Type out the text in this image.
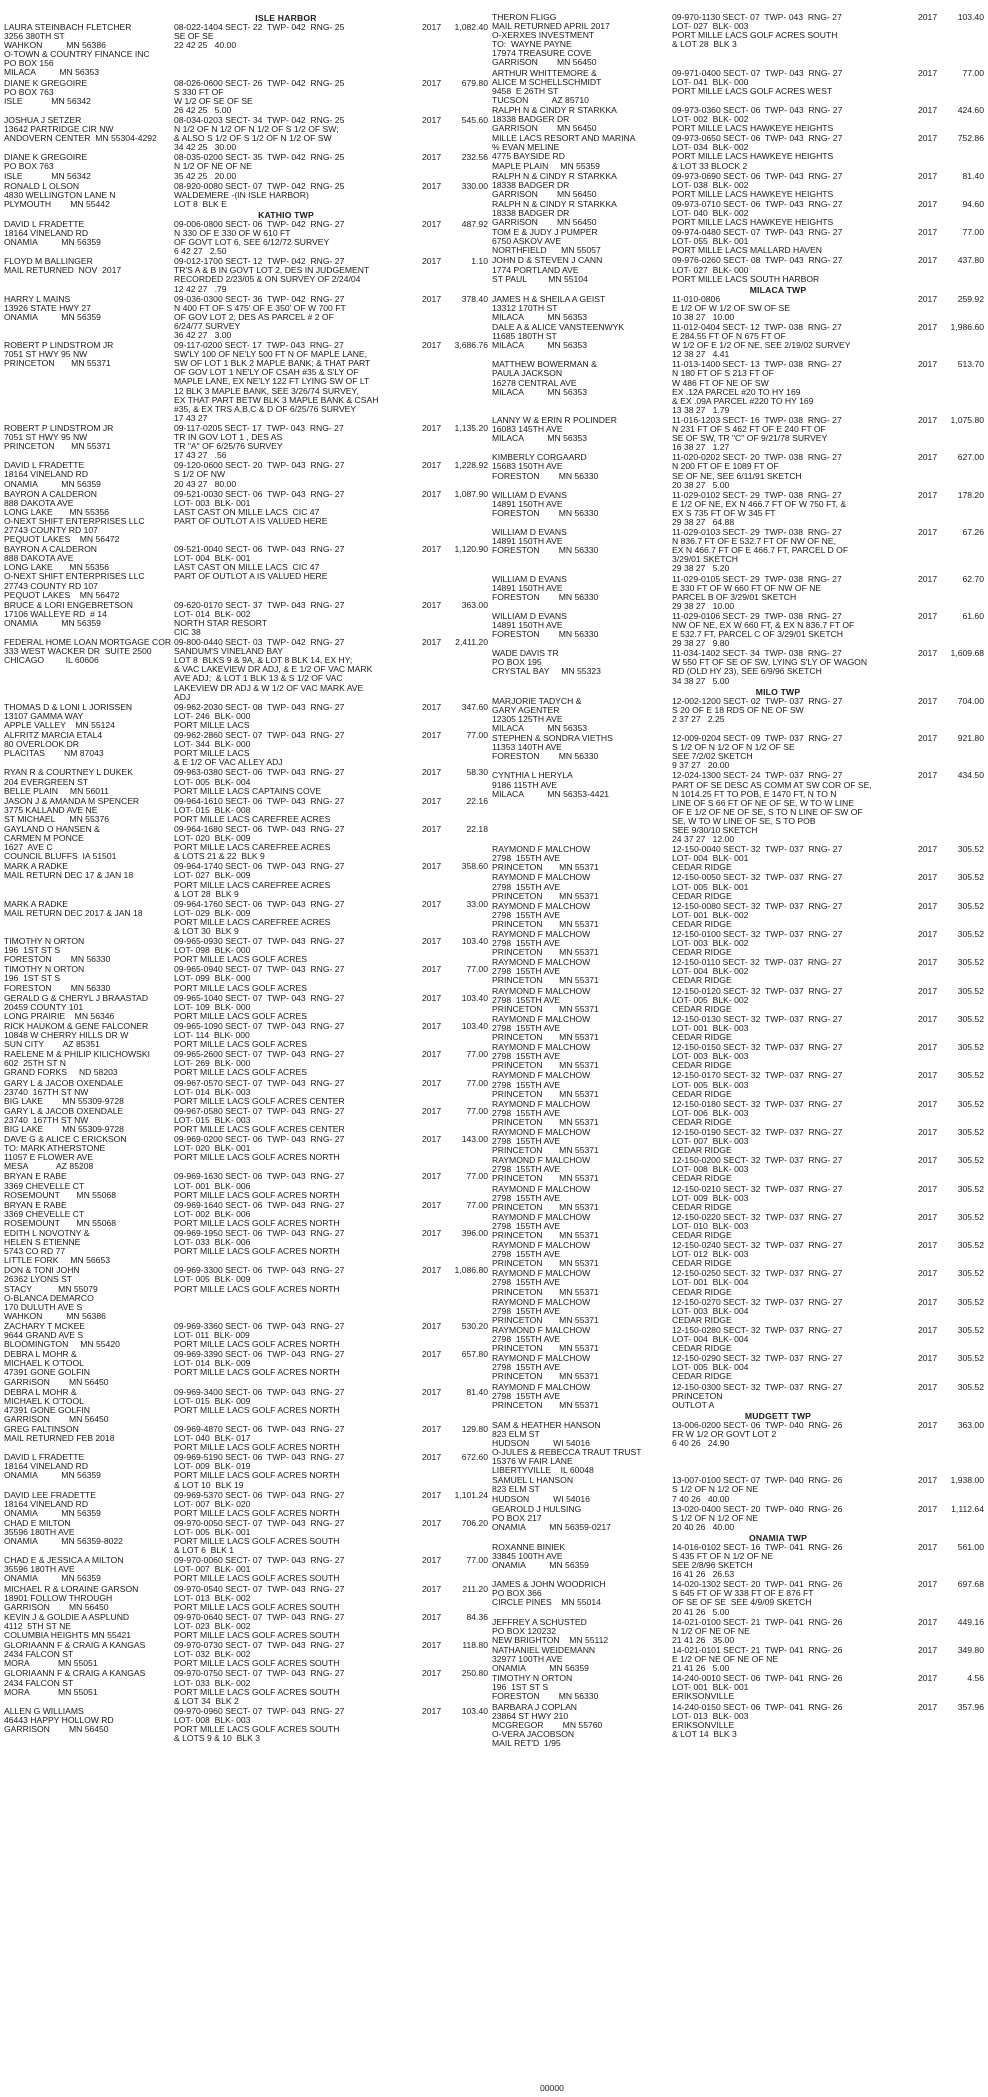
ISLE HARBOR
LAURA STEINBACH FLETCHER
3256 380TH ST
WAHKON          MN 56386
O-TOWN & COUNTRY FINANCE INC
PO BOX 156
MILACA          MN 56353
08-022-1404 SECT- 22  TWP- 042  RNG- 25
SE OF SE
22 42 25   40.00
2017	1,082.40
DIANE K GREGOIRE
PO BOX 763
ISLE            MN 56342
08-026-0600 SECT- 26  TWP- 042  RNG- 25
S 330 FT OF
W 1/2 OF SE OF SE
26 42 25   5.00
2017	679.80
JOSHUA J SETZER
13642 PARTRIDGE CIR NW
ANDOVERN CENTER  MN 55304-4292
08-034-0203 SECT- 34  TWP- 042  RNG- 25
N 1/2 OF N 1/2 OF N 1/2 OF S 1/2 OF SW;
& ALSO S 1/2 OF S 1/2 OF N 1/2 OF SW
34 42 25   30.00
2017	545.60
DIANE K GREGOIRE
PO BOX 763
ISLE            MN 56342
08-035-0200 SECT- 35  TWP- 042  RNG- 25
N 1/2 OF NE OF NE
35 42 25   20.00
2017	232.56
RONALD L OLSON
4830 WELLINGTON LANE N
PLYMOUTH        MN 55442
08-920-0080 SECT- 07  TWP- 042  RNG- 25
WALDEMERE -(IN ISLE HARBOR)
LOT 8  BLK E
2017	330.00
KATHIO TWP
DAVID L FRADETTE
18164 VINELAND RD
ONAMIA          MN 56359
09-006-0800 SECT- 06  TWP- 042  RNG- 27
N 330 OF E 330 OF W 610 FT
OF GOVT LOT 6, SEE 6/12/72 SURVEY
6 42 27   2.50
2017	487.92
FLOYD M BALLINGER
MAIL RETURNED  NOV  2017
09-012-1700 SECT- 12  TWP- 042  RNG- 27
TR'S A & B IN GOVT LOT 2, DES IN JUDGEMENT
RECORDED 2/23/05 & ON SURVEY OF 2/24/04
12 42 27   .79
2017	1.10
HARRY L MAINS
13926 STATE HWY 27
ONAMIA          MN 56359
09-036-0300 SECT- 36  TWP- 042  RNG- 27
N 400 FT OF S 475' OF E 350' OF W 700 FT
OF GOV LOT 2; DES AS PARCEL # 2 OF
6/24/77 SURVEY
36 42 27   3.00
2017	378.40
ROBERT P LINDSTROM JR
7051 ST HWY 95 NW
PRINCETON       MN 55371
09-117-0200 SECT- 17  TWP- 043  RNG- 27
SW'LY 100 OF NE'LY 500 FT N OF MAPLE LANE,
SW OF LOT 1 BLK 2 MAPLE BANK; & THAT PART
OF GOV LOT 1 NE'LY OF CSAH #35 & S'LY OF
MAPLE LANE, EX NE'LY 122 FT LYING SW OF LT
12 BLK 3 MAPLE BANK, SEE 3/26/74 SURVEY,
EX THAT PART BETW BLK 3 MAPLE BANK & CSAH
#35, & EX TRS A,B,C & D OF 6/25/76 SURVEY
17 43 27
2017	3,686.76
ROBERT P LINDSTROM JR
7051 ST HWY 95 NW
PRINCETON       MN 55371
09-117-0205 SECT- 17  TWP- 043  RNG- 27
TR IN GOV LOT 1 , DES AS
TR "A" OF 6/25/76 SURVEY
17 43 27   .56
2017	1,135.20
DAVID L FRADETTE
18164 VINELAND RD
ONAMIA          MN 56359
09-120-0600 SECT- 20  TWP- 043  RNG- 27
S 1/2 OF NW
20 43 27   80.00
2017	1,228.92
BAYRON A CALDERON
888 DAKOTA AVE
LONG LAKE       MN 55356
O-NEXT SHIFT ENTERPRISES LLC
27743 COUNTY RD 107
PEQUOT LAKES    MN 56472
09-521-0030 SECT- 06  TWP- 043  RNG- 27
LOT- 003  BLK- 001
LAST CAST ON MILLE LACS  CIC 47
PART OF OUTLOT A IS VALUED HERE
2017	1,087.90
BAYRON A CALDERON
888 DAKOTA AVE
LONG LAKE       MN 55356
O-NEXT SHIFT ENTERPRISES LLC
27743 COUNTY RD 107
PEQUOT LAKES    MN 56472
09-521-0040 SECT- 06  TWP- 043  RNG- 27
LOT- 004  BLK- 001
LAST CAST ON MILLE LACS  CIC 47
PART OF OUTLOT A IS VALUED HERE
2017	1,120.90
BRUCE & LORI ENGEBRETSON
17106 WALLEYE RD  # 14
ONAMIA          MN 56359
09-620-0170 SECT- 37  TWP- 043  RNG- 27
LOT- 014  BLK- 002
NORTH STAR RESORT
CIC 38
2017	363.00
FEDERAL HOME LOAN MORTGAGE COR
333 WEST WACKER DR  SUITE 2500
CHICAGO         IL 60606
09-800-0440 SECT- 03  TWP- 042  RNG- 27
SANDUM'S VINELAND BAY
LOT 8  BLKS 9 & 9A, & LOT 8 BLK 14, EX HY;
& VAC LAKEVIEW DR ADJ, & E 1/2 OF VAC MARK
AVE ADJ;  & LOT 1 BLK 13 & S 1/2 OF VAC
LAKEVIEW DR ADJ & W 1/2 OF VAC MARK AVE
ADJ
2017	2,411.20
THOMAS D & LONI L JORISSEN
13107 GAMMA WAY
APPLE VALLEY    MN 55124
09-962-2030 SECT- 08  TWP- 043  RNG- 27
LOT- 246  BLK- 000
PORT MILLE LACS
2017	347.60
ALFRITZ MARCIA ETAL4
80 OVERLOOK DR
PLACITAS        NM 87043
09-962-2860 SECT- 07  TWP- 043  RNG- 27
LOT- 344  BLK- 000
PORT MILLE LACS
& E 1/2 OF VAC ALLEY ADJ
2017	77.00
RYAN R & COURTNEY L DUKEK
204 EVERGREEN ST
BELLE PLAIN     MN 56011
09-963-0380 SECT- 06  TWP- 043  RNG- 27
LOT- 005  BLK- 004
PORT MILLE LACS CAPTAINS COVE
2017	58.30
JASON J & AMANDA M SPENCER
3775 KALLAND AVE NE
ST MICHAEL      MN 55376
09-964-1610 SECT- 06  TWP- 043  RNG- 27
LOT- 015  BLK- 008
PORT MILLE LACS CAREFREE ACRES
2017	22.16
GAYLAND O HANSEN &
CARMEN M PONCE
1627  AVE C
COUNCIL BLUFFS  IA 51501
09-964-1680 SECT- 06  TWP- 043  RNG- 27
LOT- 020  BLK- 009
PORT MILLE LACS CAREFREE ACRES
& LOTS 21 & 22  BLK 9
2017	22.18
MARK A RADKE
MAIL RETURN DEC 17 & JAN 18
09-964-1740 SECT- 06  TWP- 043  RNG- 27
LOT- 027  BLK- 009
PORT MILLE LACS CAREFREE ACRES
& LOT 28  BLK 9
2017	358.60
MARK A RADKE
MAIL RETURN DEC 2017 & JAN 18
09-964-1760 SECT- 06  TWP- 043  RNG- 27
LOT- 029  BLK- 009
PORT MILLE LACS CAREFREE ACRES
& LOT 30  BLK 9
2017	33.00
TIMOTHY N ORTON
196  1ST ST S
FORESTON        MN 56330
09-965-0930 SECT- 07  TWP- 043  RNG- 27
LOT- 098  BLK- 000
PORT MILLE LACS GOLF ACRES
2017	103.40
TIMOTHY N ORTON
196  1ST ST S
FORESTON        MN 56330
09-965-0940 SECT- 07  TWP- 043  RNG- 27
LOT- 099  BLK- 000
PORT MILLE LACS GOLF ACRES
2017	77.00
GERALD G & CHERYL J BRAASTAD
20459 COUNTY 101
LONG PRAIRIE    MN 56346
09-965-1040 SECT- 07  TWP- 043  RNG- 27
LOT- 109  BLK- 000
PORT MILLE LACS GOLF ACRES
2017	103.40
RICK HAUKOM & GENE FALCONER
10848 W CHERRY HILLS DR W
SUN CITY        AZ 85351
09-965-1090 SECT- 07  TWP- 043  RNG- 27
LOT- 114  BLK- 000
PORT MILLE LACS GOLF ACRES
2017	103.40
RAELENE M & PHILIP KILICHOWSKI
602  25TH ST N
GRAND FORKS     ND 58203
09-965-2600 SECT- 07  TWP- 043  RNG- 27
LOT- 269  BLK- 000
PORT MILLE LACS GOLF ACRES
2017	77.00
GARY L & JACOB OXENDALE
23740  167TH ST NW
BIG LAKE        MN 55309-9728
09-967-0570 SECT- 07  TWP- 043  RNG- 27
LOT- 014  BLK- 003
PORT MILLE LACS GOLF ACRES CENTER
2017	77.00
GARY L & JACOB OXENDALE
23740  167TH ST NW
BIG LAKE        MN 55309-9728
09-967-0580 SECT- 07  TWP- 043  RNG- 27
LOT- 015  BLK- 003
PORT MILLE LACS GOLF ACRES CENTER
2017	77.00
DAVE G & ALICE C ERICKSON
TO: MARK ATHERSTONE
11057 E FLOWER AVE
MESA            AZ 85208
09-969-0200 SECT- 06  TWP- 043  RNG- 27
LOT- 020  BLK- 001
PORT MILLE LACS GOLF ACRES NORTH
2017	143.00
BRYAN E RABE
3369 CHEVELLE CT
ROSEMOUNT       MN 55068
09-969-1630 SECT- 06  TWP- 043  RNG- 27
LOT- 001  BLK- 006
PORT MILLE LACS GOLF ACRES NORTH
2017	77.00
BRYAN E RABE
3369 CHEVELLE CT
ROSEMOUNT       MN 55068
09-969-1640 SECT- 06  TWP- 043  RNG- 27
LOT- 002  BLK- 006
PORT MILLE LACS GOLF ACRES NORTH
2017	77.00
EDITH L NOVOTNY &
HELEN S ETIENNE
5743 CO RD 77
LITTLE FORK     MN 56653
09-969-1950 SECT- 06  TWP- 043  RNG- 27
LOT- 033  BLK- 006
PORT MILLE LACS GOLF ACRES NORTH
2017	396.00
DON & TONI JOHN
26362 LYONS ST
STACY           MN 55079
O-BLANCA DEMARCO
170 DULUTH AVE S
WAHKON          MN 56386
09-969-3300 SECT- 06  TWP- 043  RNG- 27
LOT- 005  BLK- 009
PORT MILLE LACS GOLF ACRES NORTH
2017	1,086.80
ZACHARY T MCKEE
9644 GRAND AVE S
BLOOMINGTON     MN 55420
09-969-3360 SECT- 06  TWP- 043  RNG- 27
LOT- 011  BLK- 009
PORT MILLE LACS GOLF ACRES NORTH
2017	530.20
DEBRA L MOHR &
MICHAEL K O'TOOL
47391 GONE GOLFIN
GARRISON        MN 56450
09-969-3390 SECT- 06  TWP- 043  RNG- 27
LOT- 014  BLK- 009
PORT MILLE LACS GOLF ACRES NORTH
2017	657.80
DEBRA L MOHR &
MICHAEL K O'TOOL
47391 GONE GOLFIN
GARRISON        MN 56450
09-969-3400 SECT- 06  TWP- 043  RNG- 27
LOT- 015  BLK- 009
PORT MILLE LACS GOLF ACRES NORTH
2017	81.40
GREG FALTINSON
MAIL RETURNED FEB 2018
09-969-4870 SECT- 06  TWP- 043  RNG- 27
LOT- 040  BLK- 017
PORT MILLE LACS GOLF ACRES NORTH
2017	129.80
DAVID L FRADETTE
18164 VINELAND RD
ONAMIA          MN 56359
09-969-5190 SECT- 06  TWP- 043  RNG- 27
LOT- 009  BLK- 019
PORT MILLE LACS GOLF ACRES NORTH
& LOT 10  BLK 19
2017	672.60
DAVID LEE FRADETTE
18164 VINELAND RD
ONAMIA          MN 56359
09-969-5370 SECT- 06  TWP- 043  RNG- 27
LOT- 007  BLK- 020
PORT MILLE LACS GOLF ACRES NORTH
2017	1,101.24
CHAD E MILTON
35596 180TH AVE
ONAMIA          MN 56359-8022
09-970-0050 SECT- 07  TWP- 043  RNG- 27
LOT- 005  BLK- 001
PORT MILLE LACS GOLF ACRES SOUTH
& LOT 6  BLK 1
2017	706.20
CHAD E & JESSICA A MILTON
35596 180TH AVE
ONAMIA          MN 56359
09-970-0060 SECT- 07  TWP- 043  RNG- 27
LOT- 007  BLK- 001
PORT MILLE LACS GOLF ACRES SOUTH
2017	77.00
MICHAEL R & LORAINE GARSON
18901 FOLLOW THROUGH
GARRISON        MN 56450
09-970-0540 SECT- 07  TWP- 043  RNG- 27
LOT- 013  BLK- 002
PORT MILLE LACS GOLF ACRES SOUTH
2017	211.20
KEVIN J & GOLDIE A ASPLUND
4112  5TH ST NE
COLUMBIA HEIGHTS MN 55421
09-970-0640 SECT- 07  TWP- 043  RNG- 27
LOT- 023  BLK- 002
PORT MILLE LACS GOLF ACRES SOUTH
2017	84.36
GLORIAANN F & CRAIG A KANGAS
2434 FALCON ST
MORA            MN 55051
09-970-0730 SECT- 07  TWP- 043  RNG- 27
LOT- 032  BLK- 002
PORT MILLE LACS GOLF ACRES SOUTH
2017	118.80
GLORIAANN F & CRAIG A KANGAS
2434 FALCON ST
MORA            MN 55051
09-970-0750 SECT- 07  TWP- 043  RNG- 27
LOT- 033  BLK- 002
PORT MILLE LACS GOLF ACRES SOUTH
& LOT 34  BLK 2
2017	250.80
ALLEN G WILLIAMS
46443 HAPPY HOLLOW RD
GARRISON        MN 56450
09-970-0960 SECT- 07  TWP- 043  RNG- 27
LOT- 008  BLK- 003
PORT MILLE LACS GOLF ACRES SOUTH
& LOTS 9 & 10  BLK 3
2017	103.40
THERON FLIGG
MAIL RETURNED APRIL 2017
O-XERXES INVESTMENT
TO:  WAYNE PAYNE
17974 TREASURE COVE
GARRISON        MN 56450
09-970-1130 SECT- 07  TWP- 043  RNG- 27
LOT- 027  BLK- 003
PORT MILLE LACS GOLF ACRES SOUTH
& LOT 28  BLK 3
2017	103.40
ARTHUR WHITTEMORE &
ALICE M SCHELLSCHMIDT
9458  E 26TH ST
TUCSON          AZ 85710
09-971-0400 SECT- 07  TWP- 043  RNG- 27
LOT- 041  BLK- 000
PORT MILLE LACS GOLF ACRES WEST
2017	77.00
RALPH N & CINDY R STARKKA
18338 BADGER DR
GARRISON        MN 56450
09-973-0360 SECT- 06  TWP- 043  RNG- 27
LOT- 002  BLK- 002
PORT MILLE LACS HAWKEYE HEIGHTS
2017	424.60
MILLE LACS RESORT AND MARINA
% EVAN MELINE
4775 BAYSIDE RD
MAPLE PLAIN     MN 55359
09-973-0650 SECT- 06  TWP- 043  RNG- 27
LOT- 034  BLK- 002
PORT MILLE LACS HAWKEYE HEIGHTS
& LOT 33 BLOCK 2
2017	752.86
RALPH N & CINDY R STARKKA
18338 BADGER DR
GARRISON        MN 56450
09-973-0690 SECT- 06  TWP- 043  RNG- 27
LOT- 038  BLK- 002
PORT MILLE LACS HAWKEYE HEIGHTS
2017	81.40
RALPH N & CINDY R STARKKA
18338 BADGER DR
GARRISON        MN 56450
09-973-0710 SECT- 06  TWP- 043  RNG- 27
LOT- 040  BLK- 002
PORT MILLE LACS HAWKEYE HEIGHTS
2017	94.60
TOM E & JUDY J PUMPER
6750 ASKOV AVE
NORTHFIELD      MN 55057
09-974-0480 SECT- 07  TWP- 043  RNG- 27
LOT- 055  BLK- 001
PORT MILLE LACS MALLARD HAVEN
2017	77.00
JOHN D & STEVEN J CANN
1774 PORTLAND AVE
ST PAUL         MN 55104
09-976-0260 SECT- 08  TWP- 043  RNG- 27
LOT- 027  BLK- 000
PORT MILLE LACS SOUTH HARBOR
2017	437.80
MILACA TWP
JAMES H & SHEILA A GEIST
13312 170TH ST
MILACA          MN 56353
11-010-0806
E 1/2 OF W 1/2 OF SW OF SE
10 38 27   10.00
2017	259.92
DALE A & ALICE VANSTEENWYK
11685 180TH ST
MILACA          MN 56353
11-012-0404 SECT- 12  TWP- 038  RNG- 27
E 284.55 FT OF N 675 FT OF
W 1/2 OF E 1/2 OF NE, SEE 2/19/02 SURVEY
12 38 27   4.41
2017	1,986.60
MATTHEW BOWERMAN &
PAULA JACKSON
16278 CENTRAL AVE
MILACA          MN 56353
11-013-1400 SECT- 13  TWP- 038  RNG- 27
N 180 FT OF S 213 FT OF
W 486 FT OF NE OF SW
EX .12A PARCEL #20 TO HY 169
& EX .09A PARCEL #220 TO HY 169
13 38 27   1.79
2017	513.70
LANNY W & ERIN R POLINDER
16083 145TH AVE
MILACA          MN 56353
11-016-1203 SECT- 16  TWP- 038  RNG- 27
N 231 FT OF S 462 FT OF E 240 FT OF
SE OF SW, TR "C" OF 9/21/78 SURVEY
16 38 27   1.27
2017	1,075.80
KIMBERLY CORGAARD
15683 150TH AVE
FORESTON        MN 56330
11-020-0202 SECT- 20  TWP- 038  RNG- 27
N 200 FT OF E 1089 FT OF
SE OF NE, SEE 6/11/91 SKETCH
20 38 27   5.00
2017	627.00
WILLIAM D EVANS
14891 150TH AVE
FORESTON        MN 56330
11-029-0102 SECT- 29  TWP- 038  RNG- 27
E 1/2 OF NE, EX N 466.7 FT OF W 750 FT, &
EX S 735 FT OF W 345 FT
29 38 27   64.88
2017	178.20
WILLIAM D EVANS
14891 150TH AVE
FORESTON        MN 56330
11-029-0103 SECT- 29  TWP- 038  RNG- 27
N 836.7 FT OF E 532.7 FT OF NW OF NE,
EX N 466.7 FT OF E 466.7 FT, PARCEL D OF
3/29/01 SKETCH
29 38 27   5.20
2017	67.26
WILLIAM D EVANS
14891 150TH AVE
FORESTON        MN 56330
11-029-0105 SECT- 29  TWP- 038  RNG- 27
E 330 FT OF W 660 FT OF NW OF NE
PARCEL B OF 3/29/01 SKETCH
29 38 27   10.00
2017	62.70
WILLIAM D EVANS
14891 150TH AVE
FORESTON        MN 56330
11-029-0106 SECT- 29  TWP- 038  RNG- 27
NW OF NE, EX W 660 FT, & EX N 836.7 FT OF
E 532.7 FT, PARCEL C OF 3/29/01 SKETCH
29 38 27   9.80
2017	61.60
WADE DAVIS TR
PO BOX 195
CRYSTAL BAY     MN 55323
11-034-1402 SECT- 34  TWP- 038  RNG- 27
W 550 FT OF SE OF SW, LYING S'LY OF WAGON
RD (OLD HY 23), SEE 6/9/96 SKETCH
34 38 27   5.00
2017	1,609.68
MILO TWP
MARJORIE TADYCH &
GARY AGENTER
12305 125TH AVE
MILACA          MN 56353
12-002-1200 SECT- 02  TWP- 037  RNG- 27
S 20 OF E 18 RDS OF NE OF SW
2 37 27   2.25
2017	704.00
STEPHEN & SONDRA VIETHS
11353 140TH AVE
FORESTON        MN 56330
12-009-0204 SECT- 09  TWP- 037  RNG- 27
S 1/2 OF N 1/2 OF N 1/2 OF SE
SEE 7/2/02 SKETCH
9 37 27   20.00
2017	921.80
CYNTHIA L HERYLA
9186 115TH AVE
MILACA          MN 56353-4421
12-024-1300 SECT- 24  TWP- 037  RNG- 27
PART OF SE DESC AS COMM AT SW COR OF SE,
N 1014.25 FT TO POB, E 1470 FT, N TO N
LINE OF S 66 FT OF NE OF SE, W TO W LINE
OF E 1/2 OF NE OF SE, S TO N LINE OF SW OF
SE, W TO W LINE OF SE, S TO POB
SEE 9/30/10 SKETCH
24 37 27   12.00
2017	434.50
RAYMOND F MALCHOW
2798  155TH AVE
PRINCETON       MN 55371
12-150-0040 SECT- 32  TWP- 037  RNG- 27
LOT- 004  BLK- 001
CEDAR RIDGE
2017	305.52
RAYMOND F MALCHOW
2798  155TH AVE
PRINCETON       MN 55371
12-150-0050 SECT- 32  TWP- 037  RNG- 27
LOT- 005  BLK- 001
CEDAR RIDGE
2017	305.52
RAYMOND F MALCHOW
2798  155TH AVE
PRINCETON       MN 55371
12-150-0080 SECT- 32  TWP- 037  RNG- 27
LOT- 001  BLK- 002
CEDAR RIDGE
2017	305.52
RAYMOND F MALCHOW
2798  155TH AVE
PRINCETON       MN 55371
12-150-0100 SECT- 32  TWP- 037  RNG- 27
LOT- 003  BLK- 002
CEDAR RIDGE
2017	305.52
RAYMOND F MALCHOW
2798  155TH AVE
PRINCETON       MN 55371
12-150-0110 SECT- 32  TWP- 037  RNG- 27
LOT- 004  BLK- 002
CEDAR RIDGE
2017	305.52
RAYMOND F MALCHOW
2798  155TH AVE
PRINCETON       MN 55371
12-150-0120 SECT- 32  TWP- 037  RNG- 27
LOT- 005  BLK- 002
CEDAR RIDGE
2017	305.52
RAYMOND F MALCHOW
2798  155TH AVE
PRINCETON       MN 55371
12-150-0130 SECT- 32  TWP- 037  RNG- 27
LOT- 001  BLK- 003
CEDAR RIDGE
2017	305.52
RAYMOND F MALCHOW
2798  155TH AVE
PRINCETON       MN 55371
12-150-0150 SECT- 32  TWP- 037  RNG- 27
LOT- 003  BLK- 003
CEDAR RIDGE
2017	305.52
RAYMOND F MALCHOW
2798  155TH AVE
PRINCETON       MN 55371
12-150-0170 SECT- 32  TWP- 037  RNG- 27
LOT- 005  BLK- 003
CEDAR RIDGE
2017	305.52
RAYMOND F MALCHOW
2798  155TH AVE
PRINCETON       MN 55371
12-150-0180 SECT- 32  TWP- 037  RNG- 27
LOT- 006  BLK- 003
CEDAR RIDGE
2017	305.52
RAYMOND F MALCHOW
2798  155TH AVE
PRINCETON       MN 55371
12-150-0190 SECT- 32  TWP- 037  RNG- 27
LOT- 007  BLK- 003
CEDAR RIDGE
2017	305.52
RAYMOND F MALCHOW
2798  155TH AVE
PRINCETON       MN 55371
12-150-0200 SECT- 32  TWP- 037  RNG- 27
LOT- 008  BLK- 003
CEDAR RIDGE
2017	305.52
RAYMOND F MALCHOW
2798  155TH AVE
PRINCETON       MN 55371
12-150-0210 SECT- 32  TWP- 037  RNG- 27
LOT- 009  BLK- 003
CEDAR RIDGE
2017	305.52
RAYMOND F MALCHOW
2798  155TH AVE
PRINCETON       MN 55371
12-150-0220 SECT- 32  TWP- 037  RNG- 27
LOT- 010  BLK- 003
CEDAR RIDGE
2017	305.52
RAYMOND F MALCHOW
2798  155TH AVE
PRINCETON       MN 55371
12-150-0240 SECT- 32  TWP- 037  RNG- 27
LOT- 012  BLK- 003
CEDAR RIDGE
2017	305.52
RAYMOND F MALCHOW
2798  155TH AVE
PRINCETON       MN 55371
12-150-0250 SECT- 32  TWP- 037  RNG- 27
LOT- 001  BLK- 004
CEDAR RIDGE
2017	305.52
RAYMOND F MALCHOW
2798  155TH AVE
PRINCETON       MN 55371
12-150-0270 SECT- 32  TWP- 037  RNG- 27
LOT- 003  BLK- 004
CEDAR RIDGE
2017	305.52
RAYMOND F MALCHOW
2798  155TH AVE
PRINCETON       MN 55371
12-150-0280 SECT- 32  TWP- 037  RNG- 27
LOT- 004  BLK- 004
CEDAR RIDGE
2017	305.52
RAYMOND F MALCHOW
2798  155TH AVE
PRINCETON       MN 55371
12-150-0290 SECT- 32  TWP- 037  RNG- 27
LOT- 005  BLK- 004
CEDAR RIDGE
2017	305.52
RAYMOND F MALCHOW
2798  155TH AVE
PRINCETON       MN 55371
12-150-0300 SECT- 32  TWP- 037  RNG- 27
PRINCETON
OUTLOT A
2017	305.52
MUDGETT TWP
SAM & HEATHER HANSON
823 ELM ST
HUDSON          WI 54016
O-JULES & REBECCA TRAUT TRUST
15376 W FAIR LANE
LIBERTYVILLE    IL 60048
13-006-0200 SECT- 06  TWP- 040  RNG- 26
FR W 1/2 OR GOVT LOT 2
6 40 26   24.90
2017	363.00
SAMUEL L HANSON
823 ELM ST
HUDSON          WI 54016
13-007-0100 SECT- 07  TWP- 040  RNG- 26
S 1/2 OF N 1/2 OF NE
7 40 26   40.00
2017	1,938.00
GEAROLD J HULSING
PO BOX 217
ONAMIA          MN 56359-0217
13-020-0400 SECT- 20  TWP- 040  RNG- 26
S 1/2 OF N 1/2 OF NE
20 40 26   40.00
2017	1,112.64
ONAMIA TWP
ROXANNE BINIEK
33845 100TH AVE
ONAMIA          MN 56359
14-016-0102 SECT- 16  TWP- 041  RNG- 26
S 435 FT OF N 1/2 OF NE
SEE 2/8/96 SKETCH
16 41 26   26.53
2017	561.00
JAMES & JOHN WOODRICH
PO BOX 366
CIRCLE PINES    MN 55014
14-020-1302 SECT- 20  TWP- 041  RNG- 26
S 645 FT OF W 338 FT OF E 876 FT
OF SE OF SE  SEE 4/9/09 SKETCH
20 41 26   5.00
2017	697.68
JEFFREY A SCHUSTED
PO BOX 120232
NEW BRIGHTON    MN 55112
14-021-0100 SECT- 21  TWP- 041  RNG- 26
N 1/2 OF NE OF NE
21 41 26   35.00
2017	449.16
NATHANIEL WEIDEMANN
32977 100TH AVE
ONAMIA          MN 56359
14-021-0101 SECT- 21  TWP- 041  RNG- 26
E 1/2 OF NE OF NE OF NE
21 41 26   5.00
2017	349.80
TIMOTHY N ORTON
196  1ST ST S
FORESTON        MN 56330
14-240-0010 SECT- 06  TWP- 041  RNG- 26
LOT- 001  BLK- 001
ERIKSONVILLE
2017	4.56
BARBARA J COPLAN
23864 ST HWY 210
MCGREGOR        MN 55760
O-VERA JACOBSON
MAIL RET'D  1/95
14-240-0150 SECT- 06  TWP- 041  RNG- 26
LOT- 013  BLK- 003
ERIKSONVILLE
& LOT 14  BLK 3
2017	357.96
00000
